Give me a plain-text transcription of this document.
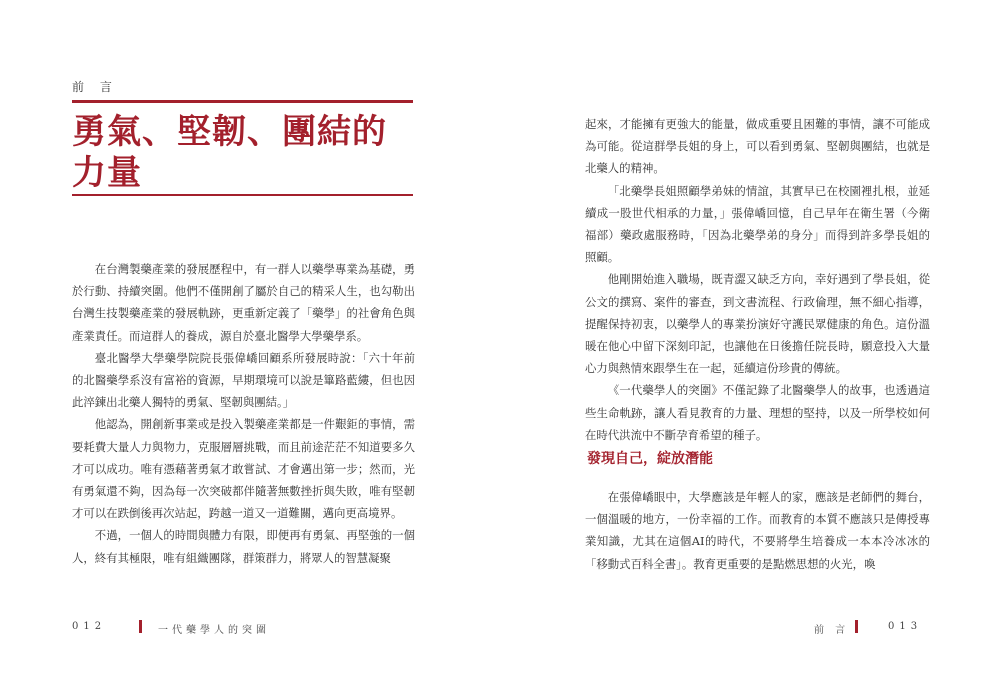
前 言
勇氣、堅韌、團結的
力量

在台灣製藥產業的發展歷程中，有一群人以藥學專業為基礎，勇於行動、持續突圍。他們不僅開創了屬於自己的精采人生，也勾勒出台灣生技製藥產業的發展軌跡，更重新定義了「藥學」的社會角色與產業責任。而這群人的養成，源自於臺北醫學大學藥學系。

臺北醫學大學藥學院院長張偉嶠回顧系所發展時說：「六十年前的北醫藥學系沒有富裕的資源，早期環境可以說是篳路藍縷，但也因此淬鍊出北藥人獨特的勇氣、堅韌與團結。」

他認為，開創新事業或是投入製藥產業都是一件艱鉅的事情，需要耗費大量人力與物力，克服層層挑戰，而且前途茫茫不知道要多久才可以成功。唯有憑藉著勇氣才敢嘗試、才會邁出第一步；然而，光有勇氣還不夠，因為每一次突破都伴隨著無數挫折與失敗，唯有堅韌才可以在跌倒後再次站起，跨越一道又一道難關，邁向更高境界。

不過，一個人的時間與體力有限，即便再有勇氣、再堅強的一個人，終有其極限，唯有組織團隊，群策群力，將眾人的智慧凝聚

012	一代藥學人的突圍

起來，才能擁有更強大的能量，做成重要且困難的事情，讓不可能成為可能。從這群學長姐的身上，可以看到勇氣、堅韌與團結，也就是北藥人的精神。

「北藥學長姐照顧學弟妹的情誼，其實早已在校園裡扎根，並延續成一股世代相承的力量，」張偉嶠回憶，自己早年在衛生署（今衛福部）藥政處服務時，「因為北藥學弟的身分」而得到許多學長姐的照顧。

他剛開始進入職場，既青澀又缺乏方向，幸好遇到了學長姐，從公文的撰寫、案件的審查，到文書流程、行政倫理，無不細心指導，提醒保持初衷，以藥學人的專業扮演好守護民眾健康的角色。這份溫暖在他心中留下深刻印記，也讓他在日後擔任院長時，願意投入大量心力與熱情來跟學生在一起，延續這份珍貴的傳統。

《一代藥學人的突圍》不僅記錄了北醫藥學人的故事，也透過這些生命軌跡，讓人看見教育的力量、理想的堅持，以及一所學校如何在時代洪流中不斷孕育希望的種子。

發現自己，綻放潛能

在張偉嶠眼中，大學應該是年輕人的家，應該是老師們的舞台，一個溫暖的地方，一份幸福的工作。而教育的本質不應該只是傳授專業知識，尤其在這個AI的時代，不要將學生培養成一本本冷冰冰的「移動式百科全書」。教育更重要的是點燃思想的火光，喚

前 言	013
